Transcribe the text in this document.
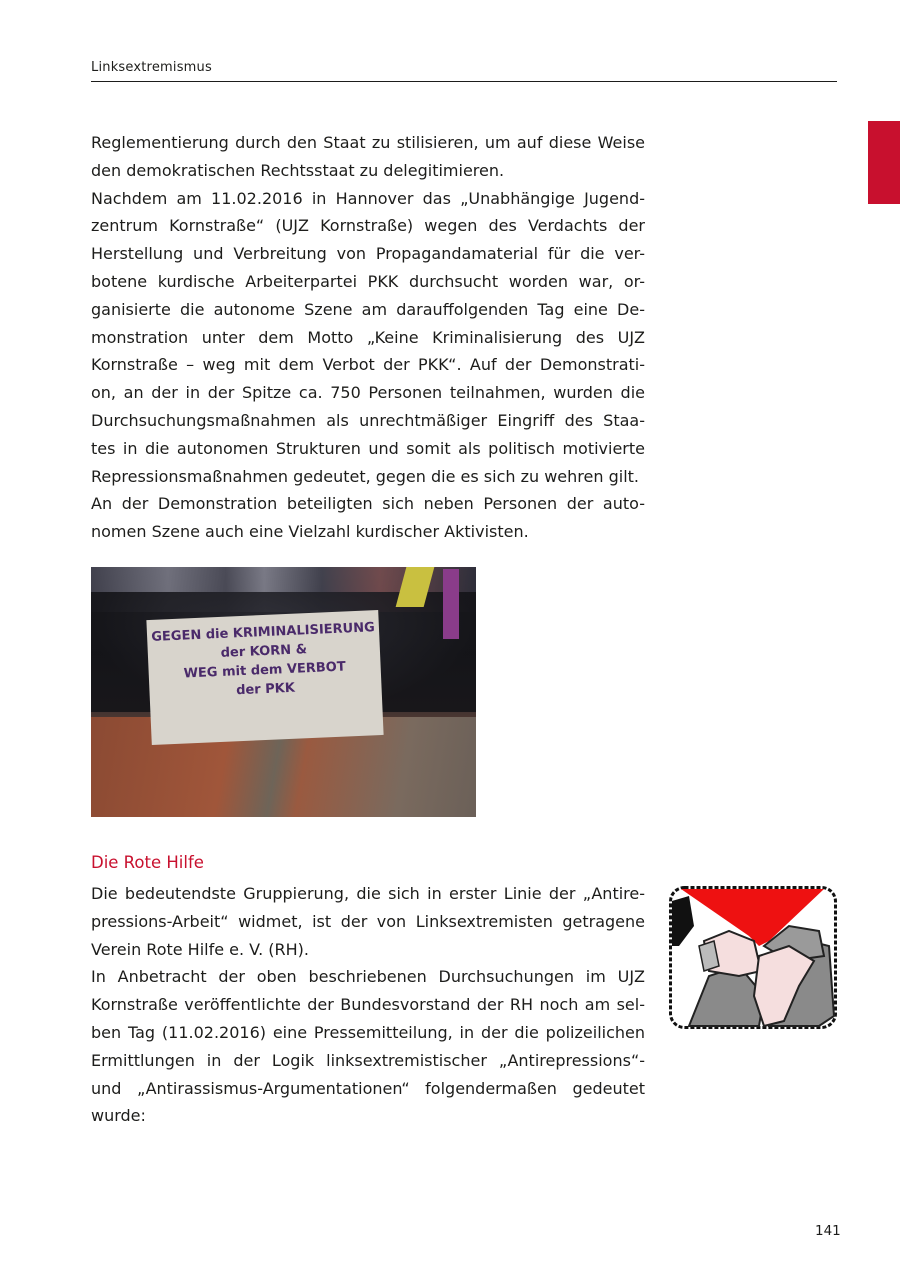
Linksextremismus
Reglementierung durch den Staat zu stilisieren, um auf diese Weise
den demokratischen Rechtsstaat zu delegitimieren.
Nachdem am 11.02.2016 in Hannover das „Unabhängige Jugend-
zentrum Kornstraße“ (UJZ Kornstraße) wegen des Verdachts der
Herstellung und Verbreitung von Propagandamaterial für die ver-
botene kurdische Arbeiterpartei PKK durchsucht worden war, or-
ganisierte die autonome Szene am darauffolgenden Tag eine De-
monstration unter dem Motto „Keine Kriminalisierung des UJZ
Kornstraße – weg mit dem Verbot der PKK“. Auf der Demonstrati-
on, an der in der Spitze ca. 750 Personen teilnahmen, wurden die
Durchsuchungsmaßnahmen als unrechtmäßiger Eingriff des Staa-
tes in die autonomen Strukturen und somit als politisch motivierte
Repressionsmaßnahmen gedeutet, gegen die es sich zu wehren gilt.
An der Demonstration beteiligten sich neben Personen der auto-
nomen Szene auch eine Vielzahl kurdischer Aktivisten.
GEGEN die KRIMINALISIERUNG
der KORN &
WEG mit dem VERBOT
der PKK
Die Rote Hilfe
Die bedeutendste Gruppierung, die sich in erster Linie der „Antire-
pressions-Arbeit“ widmet, ist der von Linksextremisten getragene
Verein Rote Hilfe e. V. (RH).
In Anbetracht der oben beschriebenen Durchsuchungen im UJZ
Kornstraße veröffentlichte der Bundesvorstand der RH noch am sel-
ben Tag (11.02.2016) eine Pressemitteilung, in der die polizeilichen
Ermittlungen in der Logik linksextremistischer „Antirepressions“-
und „Antirassismus-Argumentationen“ folgendermaßen gedeutet
wurde:
141
